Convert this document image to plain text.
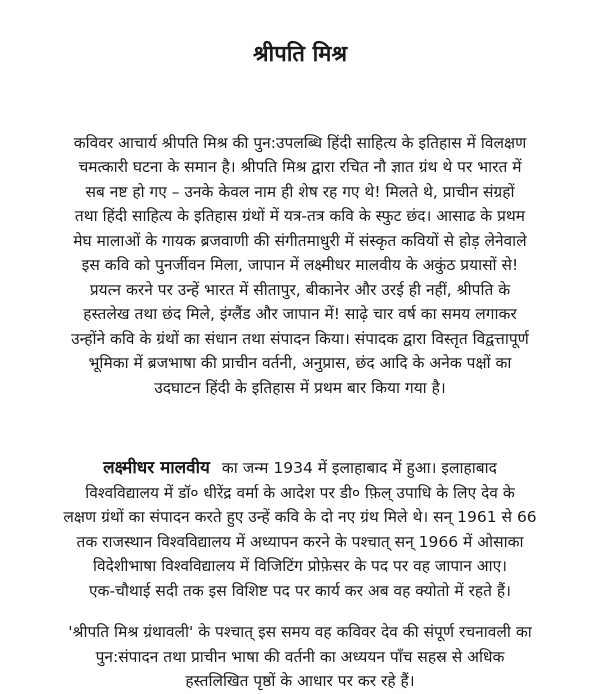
श्रीपति मिश्र
कविवर आचार्य श्रीपति मिश्र की पुन:उपलब्धि हिंदी साहित्य के इतिहास में विलक्षण
चमत्कारी घटना के समान है। श्रीपति मिश्र द्वारा रचित नौ ज्ञात ग्रंथ थे पर भारत में
सब नष्ट हो गए – उनके केवल नाम ही शेष रह गए थे! मिलते थे, प्राचीन संग्रहों
तथा हिंदी साहित्य के इतिहास ग्रंथों में यत्र-तत्र कवि के स्फुट छंद। आसाढ के प्रथम
मेघ मालाओं के गायक ब्रजवाणी की संगीतमाधुरी में संस्कृत कवियों से होड़ लेनेवाले
इस कवि को पुनर्जीवन मिला, जापान में लक्ष्मीधर मालवीय के अकुंठ प्रयासों से!
प्रयत्न करने पर उन्हें भारत में सीतापुर, बीकानेर और उरई ही नहीं, श्रीपति के
हस्तलेख तथा छंद मिले, इंग्लैंड और जापान में! साढ़े चार वर्ष का समय लगाकर
उन्होंने कवि के ग्रंथों का संधान तथा संपादन किया। संपादक द्वारा विस्तृत विद्वत्तापूर्ण
भूमिका में ब्रजभाषा की प्राचीन वर्तनी, अनुप्रास, छंद आदि के अनेक पक्षों का
उदघाटन हिंदी के इतिहास में प्रथम बार किया गया है।
लक्ष्मीधर मालवीय का जन्म 1934 में इलाहाबाद में हुआ। इलाहाबाद
विश्वविद्यालय में डॉ० धीरेंद्र वर्मा के आदेश पर डी० फ़िल् उपाधि के लिए देव के
लक्षण ग्रंथों का संपादन करते हुए उन्हें कवि के दो नए ग्रंथ मिले थे। सन् 1961 से 66
तक राजस्थान विश्वविद्यालय में अध्यापन करने के पश्चात् सन् 1966 में ओसाका
विदेशीभाषा विश्वविद्यालय में विजिटिंग प्रोफ़ेसर के पद पर वह जापान आए।
एक-चौथाई सदी तक इस विशिष्ट पद पर कार्य कर अब वह क्योतो में रहते हैं।
'श्रीपति मिश्र ग्रंथावली' के पश्चात् इस समय वह कविवर देव की संपूर्ण रचनावली का
पुन:संपादन तथा प्राचीन भाषा की वर्तनी का अध्ययन पाँच सहस्र से अधिक
हस्तलिखित पृष्ठों के आधार पर कर रहे हैं।
